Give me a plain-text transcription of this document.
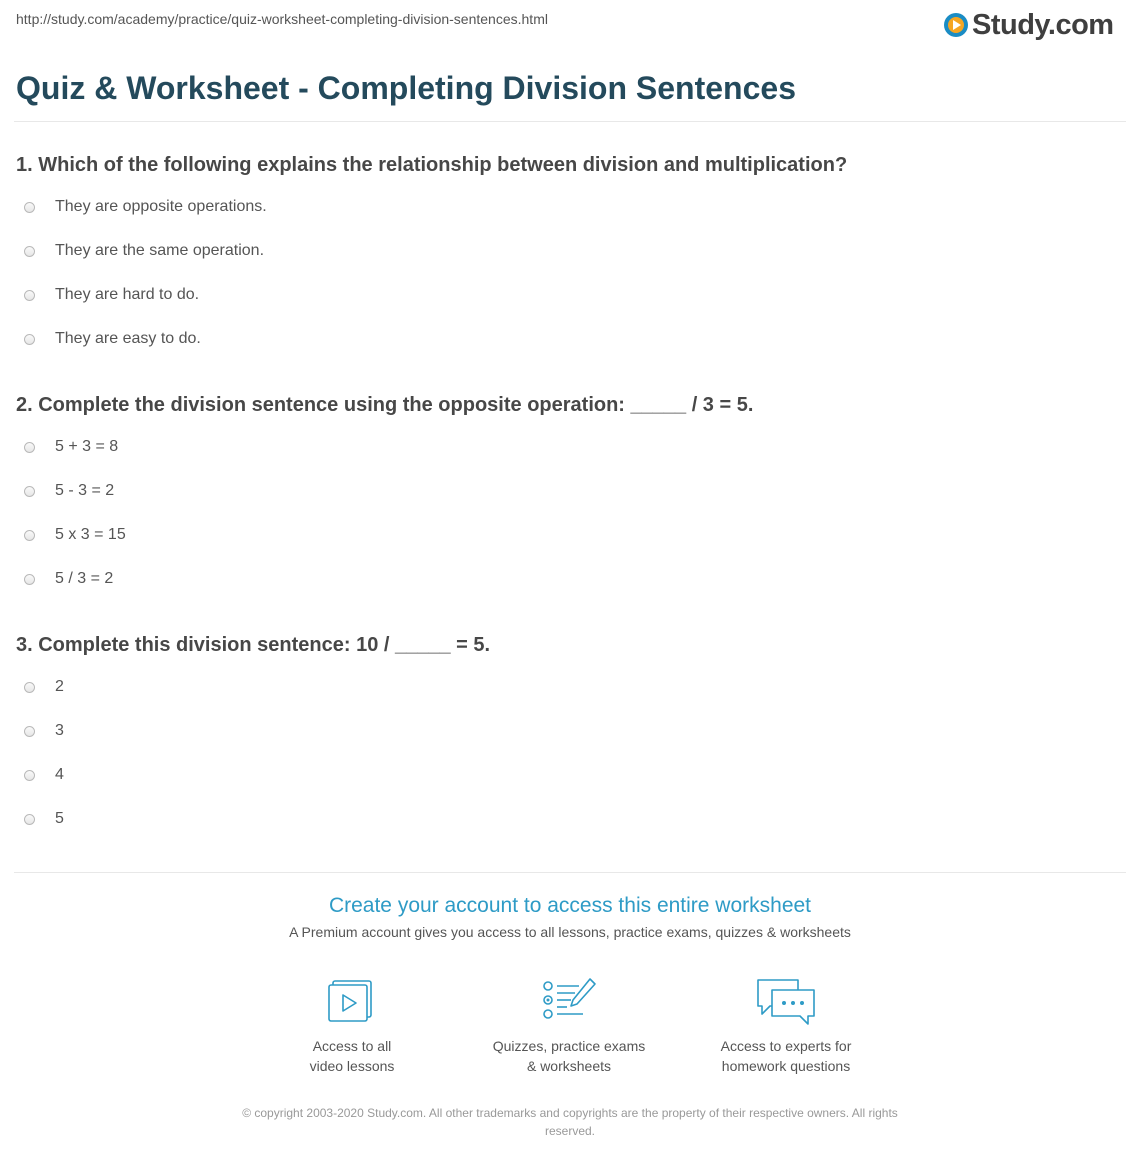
http://study.com/academy/practice/quiz-worksheet-completing-division-sentences.html	Study.com
Quiz & Worksheet - Completing Division Sentences
1. Which of the following explains the relationship between division and multiplication?
They are opposite operations.
They are the same operation.
They are hard to do.
They are easy to do.
2. Complete the division sentence using the opposite operation: _____ / 3 = 5.
5 + 3 = 8
5 - 3 = 2
5 x 3 = 15
5 / 3 = 2
3. Complete this division sentence: 10 / _____ = 5.
2
3
4
5
Create your account to access this entire worksheet
A Premium account gives you access to all lessons, practice exams, quizzes & worksheets
Access to all
video lessons
Quizzes, practice exams
& worksheets
Access to experts for
homework questions
© copyright 2003-2020 Study.com. All other trademarks and copyrights are the property of their respective owners. All rights
reserved.
